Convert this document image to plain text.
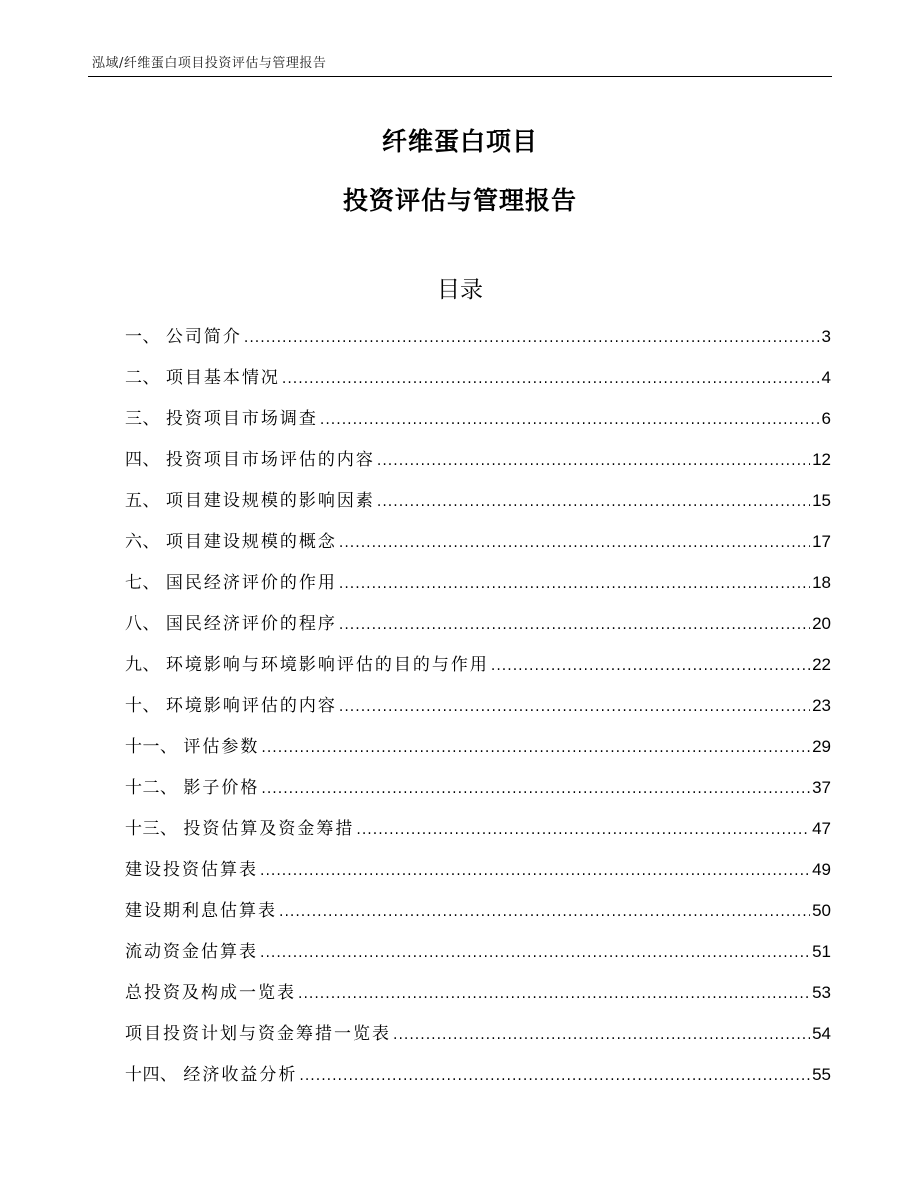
泓域/纤维蛋白项目投资评估与管理报告
纤维蛋白项目
投资评估与管理报告
目录
一、 公司简介 .....	3
二、 项目基本情况 .....	4
三、 投资项目市场调查 .....	6
四、 投资项目市场评估的内容 .....	12
五、 项目建设规模的影响因素 .....	15
六、 项目建设规模的概念 .....	17
七、 国民经济评价的作用 .....	18
八、 国民经济评价的程序 .....	20
九、 环境影响与环境影响评估的目的与作用 .....	22
十、 环境影响评估的内容 .....	23
十一、 评估参数 .....	29
十二、 影子价格 .....	37
十三、 投资估算及资金筹措 .....	47
建设投资估算表 .....	49
建设期利息估算表 .....	50
流动资金估算表 .....	51
总投资及构成一览表 .....	53
项目投资计划与资金筹措一览表 .....	54
十四、 经济收益分析 .....	55
